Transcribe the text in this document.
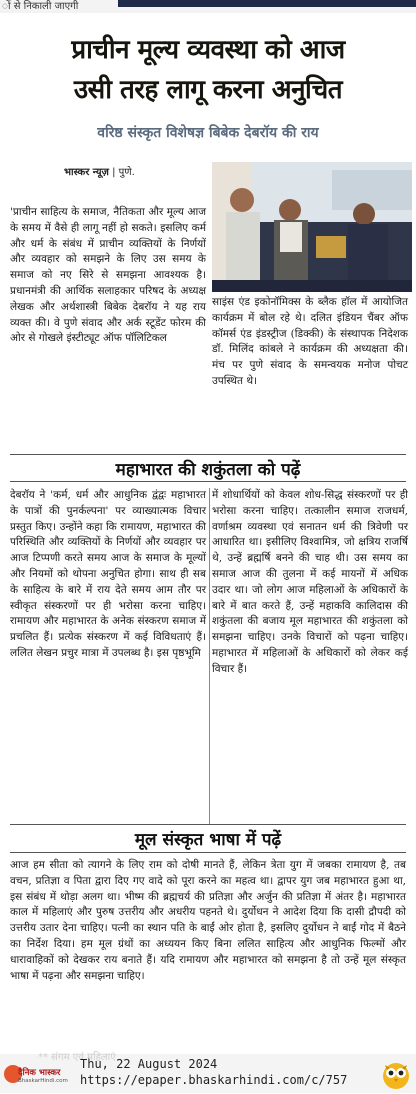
ों से निकाली जाएगी
प्राचीन मूल्य व्यवस्था को आज
उसी तरह लागू करना अनुचित
वरिष्ठ संस्कृत विशेषज्ञ बिबेक देबरॉय की राय
भास्कर न्यूज़ | पुणे.

'प्राचीन साहित्य के समाज, नैतिकता और मूल्य आज के समय में वैसे ही लागू नहीं हो सकते। इसलिए कर्म और धर्म के संबंध में प्राचीन व्यक्तियों के निर्णयों और व्यवहार को समझने के लिए उस समय के समाज को नए सिरे से समझना आवश्यक है। प्रधानमंत्री की आर्थिक सलाहकार परिषद के अध्यक्ष लेखक और अर्थशास्त्री बिबेक देबरॉय ने यह राय व्यक्त की। वे पुणे संवाद और अर्क स्टूडेंट फोरम की ओर से गोखले इंस्टीट्यूट ऑफ पॉलिटिकल

साइंस एंड इकोनॉमिक्स के ब्लैक हॉल में आयोजित कार्यक्रम में बोल रहे थे। दलित इंडियन चैंबर ऑफ कॉमर्स एंड इंडस्ट्रीज (डिक्की) के संस्थापक निदेशक डॉ. मिलिंद कांबले ने कार्यक्रम की अध्यक्षता की। मंच पर पुणे संवाद के समन्वयक मनोज पोचट उपस्थित थे।

महाभारत की शकुंतला को पढ़ें

देबरॉय ने 'कर्म, धर्म और आधुनिक द्वंद्वः महाभारत के पात्रों की पुनर्कल्पना' पर व्याख्यात्मक विचार प्रस्तुत किए। उन्होंने कहा कि रामायण, महाभारत की परिस्थिति और व्यक्तियों के निर्णयों और व्यवहार पर आज टिप्पणी करते समय आज के समाज के मूल्यों और नियमों को थोपना अनुचित होगा। साथ ही सब के साहित्य के बारे में राय देते समय आम तौर पर स्वीकृत संस्करणों पर ही भरोसा करना चाहिए। रामायण और महाभारत के अनेक संस्करण समाज में प्रचलित हैं। प्रत्येक संस्करण में कई विविधताएं हैं। ललित लेखन प्रचुर मात्रा में उपलब्ध है। इस पृष्ठभूमि

में शोधार्थियों को केवल शोध-सिद्ध संस्करणों पर ही भरोसा करना चाहिए। तत्कालीन समाज राजधर्म, वर्णाश्रम व्यवस्था एवं सनातन धर्म की त्रिवेणी पर आधारित था। इसीलिए विश्वामित्र, जो क्षत्रिय राजर्षि थे, उन्हें ब्रह्मर्षि बनने की चाह थी। उस समय का समाज आज की तुलना में कई मायनों में अधिक उदार था। जो लोग आज महिलाओं के अधिकारों के बारे में बात करते हैं, उन्हें महाकवि कालिदास की शकुंतला की बजाय मूल महाभारत की शकुंतला को समझना चाहिए। उनके विचारों को पढ़ना चाहिए। महाभारत में महिलाओं के अधिकारों को लेकर कई विचार हैं।

मूल संस्कृत भाषा में पढ़ें

आज हम सीता को त्यागने के लिए राम को दोषी मानते हैं, लेकिन त्रेता युग में जबका रामायण है, तब वचन, प्रतिज्ञा व पिता द्वारा दिए गए वादे को पूरा करने का महत्व था। द्वापर युग जब महाभारत हुआ था, इस संबंध में थोड़ा अलग था। भीष्म की ब्रह्मचर्य की प्रतिज्ञा और अर्जुन की प्रतिज्ञा में अंतर है। महाभारत काल में महिलाएं और पुरुष उत्तरीय और अधरीय पहनते थे। दुर्योधन ने आदेश दिया कि दासी द्रौपदी को उत्तरीय उतार देना चाहिए। पत्नी का स्थान पति के बाईं ओर होता है, इसलिए दुर्योधन ने बाईं गोद में बैठने का निर्देश दिया। हम मूल ग्रंथों का अध्ययन किए बिना ललित साहित्य और आधुनिक फिल्मों और धारावाहिकों को देखकर राय बनाते हैं। यदि रामायण और महाभारत को समझना है तो उन्हें मूल संस्कृत भाषा में पढ़ना और समझना चाहिए।

** संगम एवं महिलाएं ...
दैनिक भास्कर
BhaskarHindi.com
Thu, 22 August 2024
https://epaper.bhaskarhindi.com/c/757
